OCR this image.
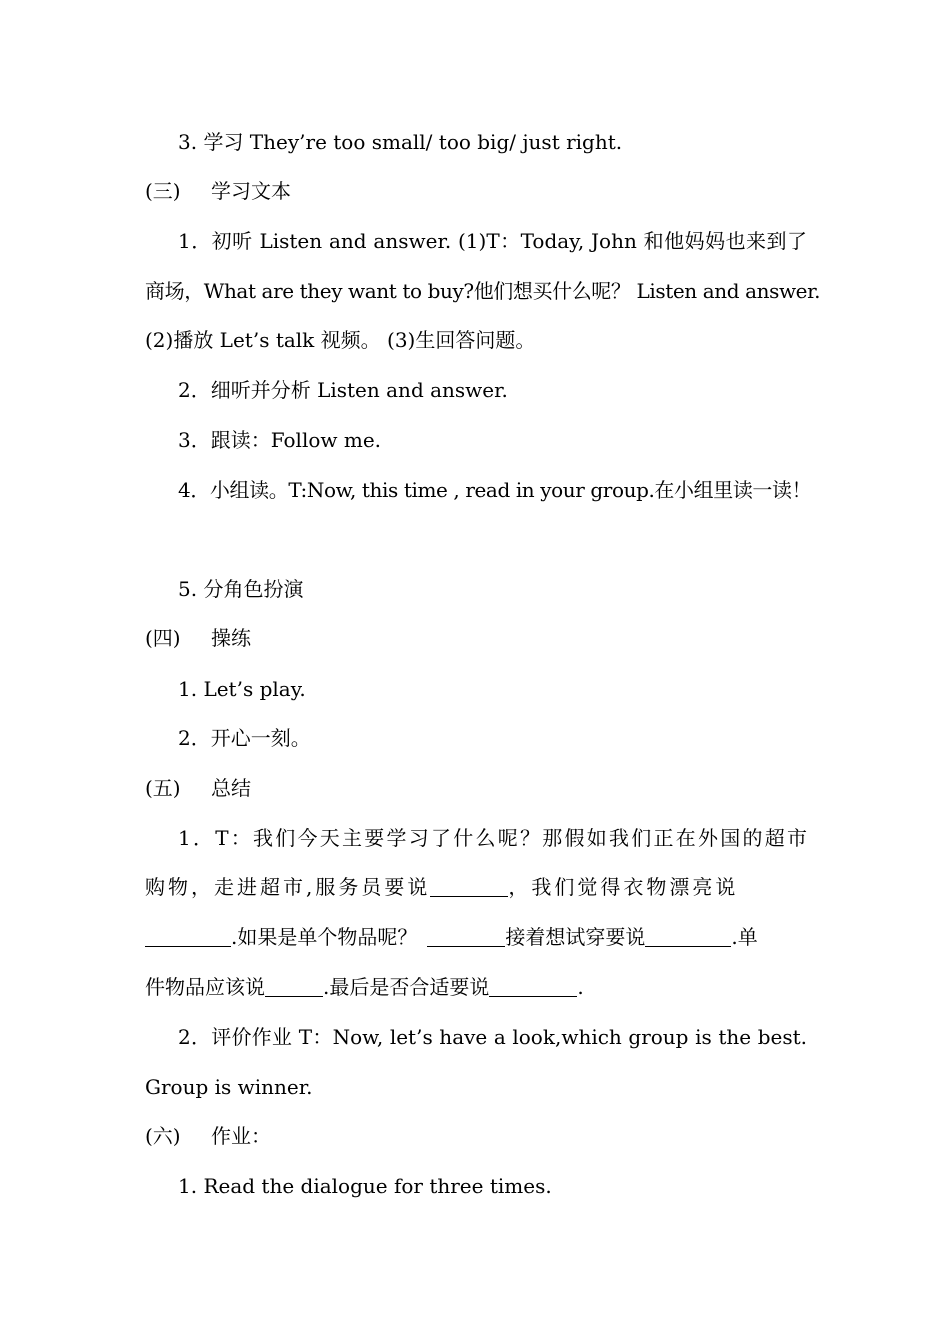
3. 学习 They’re too small/ too big/ just right.
(三) 学习文本
1．初听 Listen and answer. (1)T：Today, John 和他妈妈也来到了
商场，What are they want to buy?他们想买什么呢？ Listen and answer.
(2)播放 Let’s talk 视频。 (3)生回答问题。
2．细听并分析 Listen and answer.
3．跟读：Follow me.
4．小组读。T:Now, this time , read in your group.在小组里读一读！
5. 分角色扮演
(四) 操练
1. Let’s play.
2．开心一刻。
(五) 总结
1．T：我们今天主要学习了什么呢？那假如我们正在外国的超市
购物，走进超市,服务员要说	，我们觉得衣物漂亮说
.如果是单个物品呢？	接着想试穿要说	.单
件物品应该说	.最后是否合适要说	.
2．评价作业 T：Now, let’s have a look,which group is the best.
Group is winner.
(六) 作业：
1. Read the dialogue for three times.
